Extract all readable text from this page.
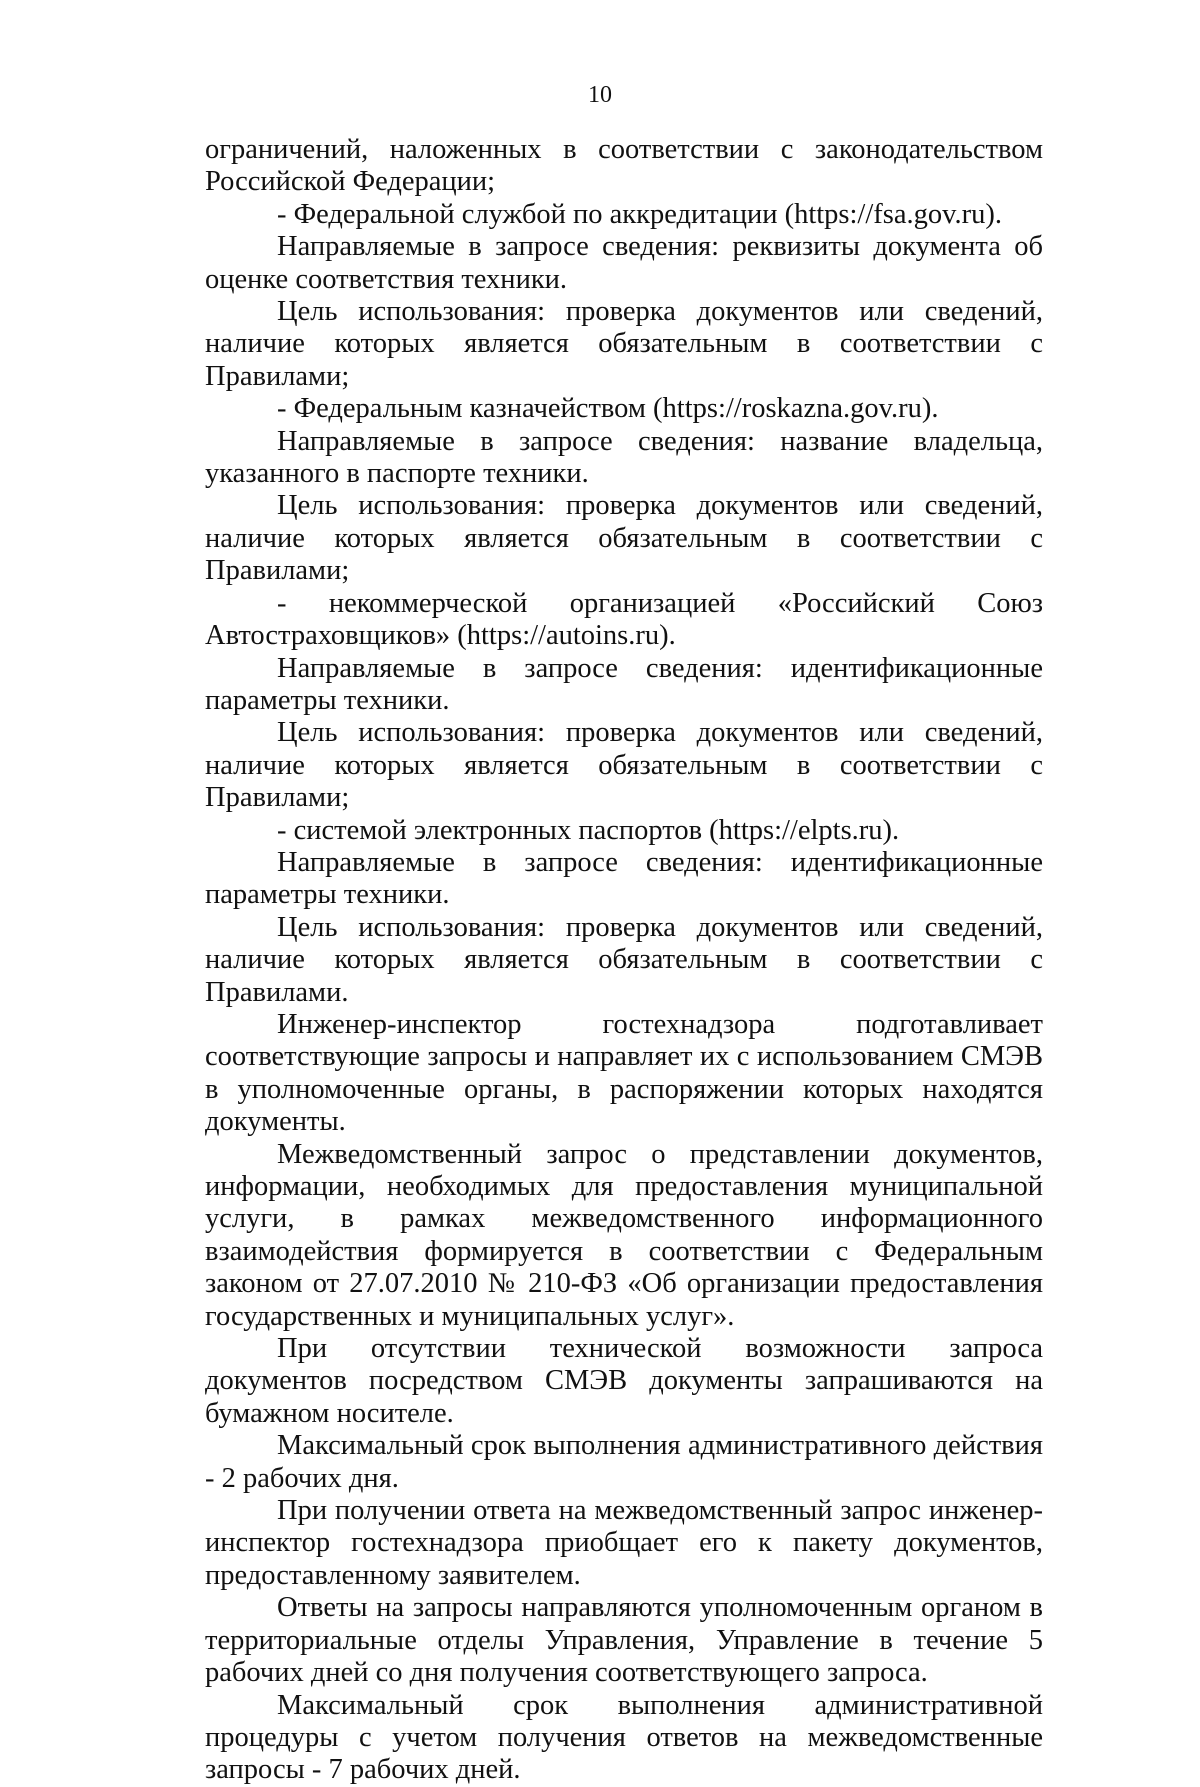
10

ограничений, наложенных в соответствии с законодательством Российской Федерации;

- Федеральной службой по аккредитации (https://fsa.gov.ru).

Направляемые в запросе сведения: реквизиты документа об оценке соответствия техники.

Цель использования: проверка документов или сведений, наличие которых является обязательным в соответствии с Правилами;

- Федеральным казначейством (https://roskazna.gov.ru).

Направляемые в запросе сведения: название владельца, указанного в паспорте техники.

Цель использования: проверка документов или сведений, наличие которых является обязательным в соответствии с Правилами;

- некоммерческой организацией «Российский Союз Автостраховщиков» (https://autoins.ru).

Направляемые в запросе сведения: идентификационные параметры техники.

Цель использования: проверка документов или сведений, наличие которых является обязательным в соответствии с Правилами;

- системой электронных паспортов (https://elpts.ru).

Направляемые в запросе сведения: идентификационные параметры техники.

Цель использования: проверка документов или сведений, наличие которых является обязательным в соответствии с Правилами.

Инженер-инспектор гостехнадзора подготавливает соответствующие запросы и направляет их с использованием СМЭВ в уполномоченные органы, в распоряжении которых находятся документы.

Межведомственный запрос о представлении документов, информации, необходимых для предоставления муниципальной услуги, в рамках межведомственного информационного взаимодействия формируется в соответствии с Федеральным законом от 27.07.2010 № 210-ФЗ «Об организации предоставления государственных и муниципальных услуг».

При отсутствии технической возможности запроса документов посредством СМЭВ документы запрашиваются на бумажном носителе.

Максимальный срок выполнения административного действия - 2 рабочих дня.

При получении ответа на межведомственный запрос инженер-инспектор гостехнадзора приобщает его к пакету документов, предоставленному заявителем.

Ответы на запросы направляются уполномоченным органом в территориальные отделы Управления, Управление в течение 5 рабочих дней со дня получения соответствующего запроса.

Максимальный срок выполнения административной процедуры с учетом получения ответов на межведомственные запросы - 7 рабочих дней.
